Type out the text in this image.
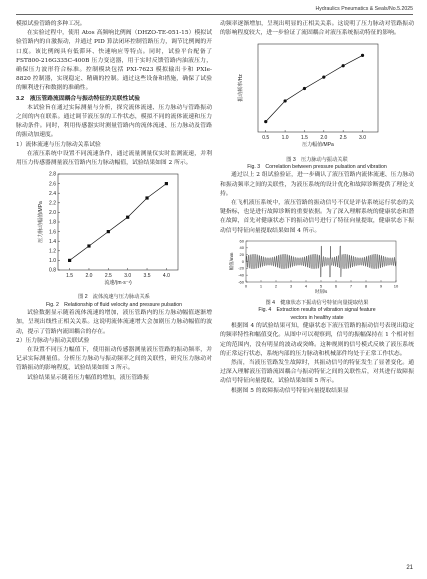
Hydraulics Pneumatics & Seals/No.5.2025

模拟试验管路的多种工况。

在实验过程中，使用 Atos 高频响比例阀（DHZO-TE-051-15）模拟试验管路内的自激振动，并通过 PID 算法闭环控制管路压力，调节比例阀的开口度。该比例阀具有低滞环、快速响应等特点。同时，试验平台配备了 FST800-216G335C-400B 压力变送器，用于实时反馈管路内油液压力，确保压力波形符合标准。控制模块包括 PXI-7623 模拟输出卡和 PXIe-8820 控制器，实现稳定、精确的控制。通过这些设备和措施，确保了试验的顺利进行和数据的准确性。

3.2　液压管路流固耦合与振动特征的关联性试验

本试验旨在通过实际测量与分析，探究流体流速、压力脉动与管路振动之间的内在联系。通过调节液压泵的工作状态，模拟不同的流体流速和压力脉动条件。同时，利用传感器实时测量管路内的流体流速、压力脉动及管路的振动加速度。

1）流体流速与压力脉动关系试验

在液压系统中设置不同流速条件，通过流量测量仪实时监测流速，并利用压力传感器测量液压管路内压力脉动幅值，试验结果如图 2 所示。

1.5 2.0 2.5 3.0 3.5 4.0
0.8
1.0
1.2
1.4
1.6
1.8
2.0
2.2
2.4
2.6
2.8
流速/(m·s⁻¹)
压力脉动幅值/MPa

图 2　流体流速与压力脉动关系

Fig. 2　Relationship of fluid velocity and pressure pulsation

试验数据显示随着流体流速的增加，液压管路内的压力脉动幅值逐渐增加，呈现出线性正相关关系。这说明流体流速增大会加剧压力脉动幅值的波动，提示了管路内流固耦合的存在。

2）压力脉动与振动关联试验

在设置不同压力幅值下，使用振动传感器测量液压管路的振动频率，并记录实际测量值。分析压力脉动与振动频率之间的关联性，研究压力脉动对管路振动的影响程度，试验结果如图 3 所示。

试验结果显示随着压力幅值的增加，液压管路振

动频率逐渐增加，呈现出明显的正相关关系。这说明了压力脉动对管路振动的影响程度较大，进一步验证了流固耦合对液压系统振动特征的影响。

0.5 1.0 1.5 2.0 2.5 3.0
压力幅值/MPa
振动频率/Hz

图 3　压力脉动与振动关联

Fig. 3　Correlation between pressure pulsation and vibration

通过以上 2 组试验验证，进一步确认了液压管路内流体流速、压力脉动和振动频率之间的关联性，为液压系统的设计优化和故障诊断提供了理论支持。

在飞机液压系统中，液压管路的振动信号不仅是评估系统运行状态的关键指标，也是进行故障诊断的重要依据。为了深入理解系统的健康状态和潜在故障，首先对健康状态下的振动信号进行了特征向量提取，健康状态下振动信号特征向量提取结果如图 4 所示。

-60
-40
-20
0
20
40
60
0	1	2	3	4	5	6	7	8	9	10
时刻/s
幅值/mm

图 4　健康状态下振动信号特征向量提取结果

Fig. 4　Extraction results of vibration signal feature

vectors in healthy state

根据图 4 的试验结果可知，健康状态下液压管路的振动信号表现出稳定的频率特性和幅值变化。从图中可以观察到，信号的振幅保持在 1 个相对恒定的范围内，没有明显的波动或突峰。这种规则的信号模式反映了液压系统的正常运行状态，系统内部的压力脉动和机械部件均处于正常工作状态。

然而，当液压管路发生故障时，其振动信号的特征发生了显著变化。通过深入理解液压管路流固耦合与振动特征之间的关联性后，对其进行故障振动信号特征向量提取，试验结果如图 5 所示。

根据图 5 的故障振动信号特征向量提取结果显

21
